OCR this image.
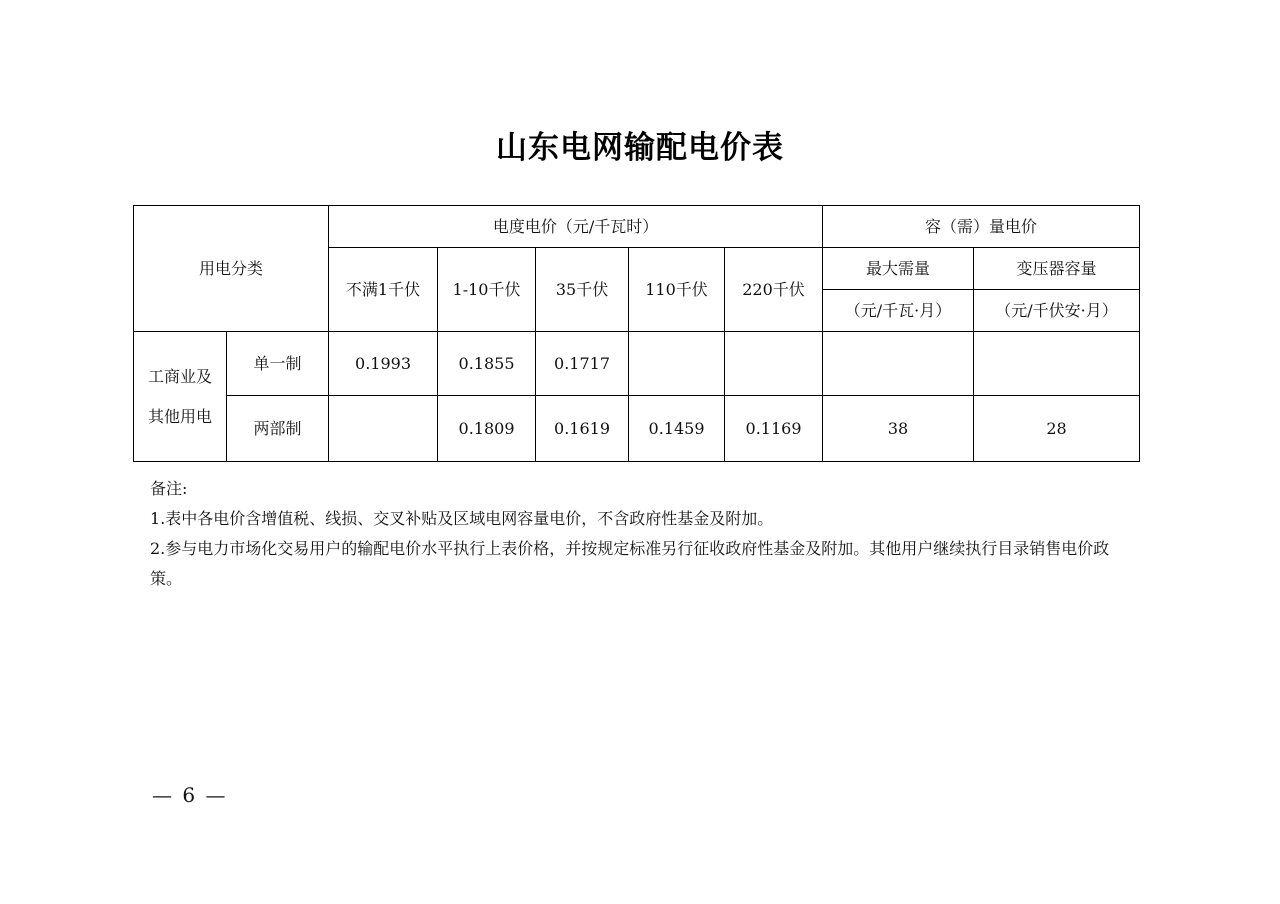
山东电网输配电价表
用电分类		电度电价（元/千瓦时）					容（需）量电价	
		不满1千伏	1-10千伏	35千伏	110千伏	220千伏	最大需量	变压器容量
							（元/千瓦·月）	（元/千伏安·月）

工商业及
其他用电	单一制	0.1993	0.1855	0.1717				
	两部制		0.1809	0.1619	0.1459	0.1169	38	28

备注:

1.表中各电价含增值税、线损、交叉补贴及区域电网容量电价，不含政府性基金及附加。

2.参与电力市场化交易用户的输配电价水平执行上表价格，并按规定标准另行征收政府性基金及附加。其他用户继续执行目录销售电价政策。

— 6 —
